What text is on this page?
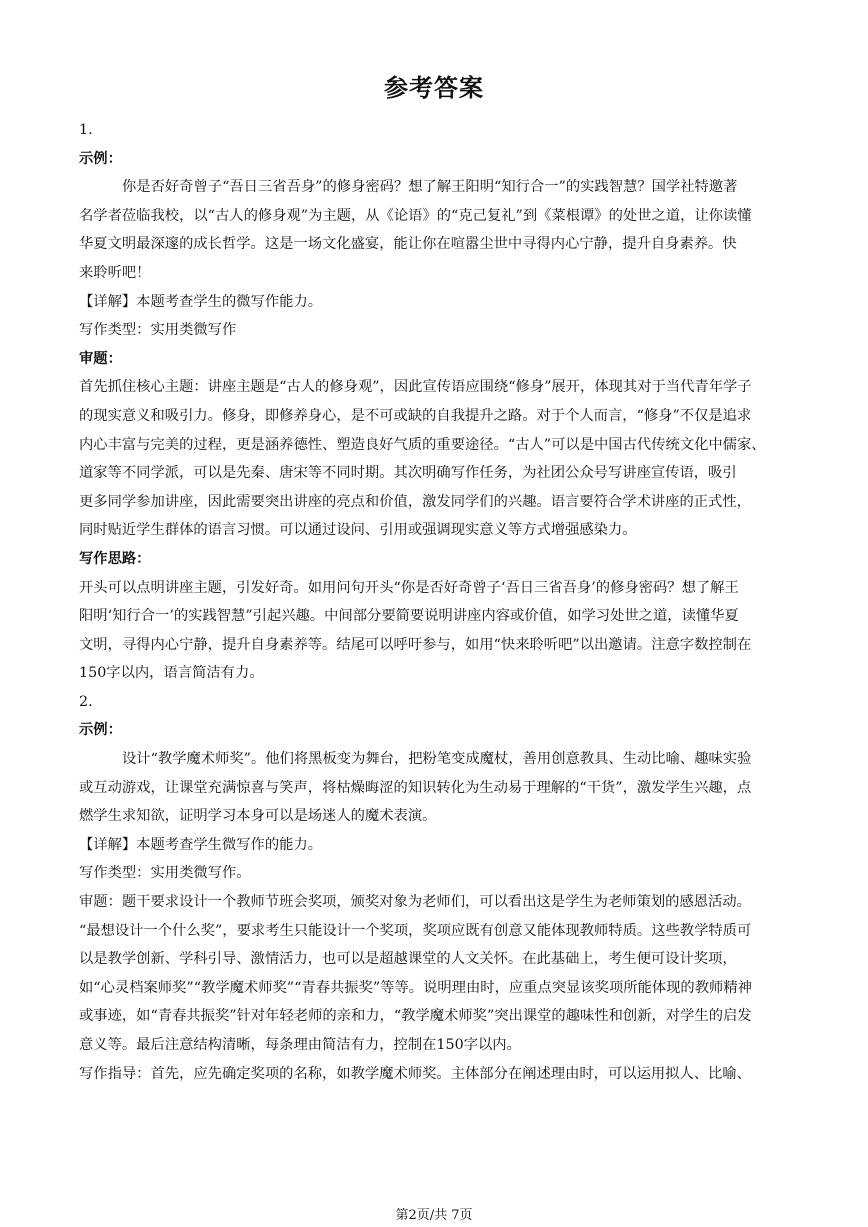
参考答案
1.
示例：
你是否好奇曾子“吾日三省吾身”的修身密码？想了解王阳明“知行合一”的实践智慧？国学社特邀著
名学者莅临我校，以“古人的修身观”为主题，从《论语》的“克己复礼”到《菜根谭》的处世之道，让你读懂
华夏文明最深邃的成长哲学。这是一场文化盛宴，能让你在喧嚣尘世中寻得内心宁静，提升自身素养。快
来聆听吧！
【详解】本题考查学生的微写作能力。
写作类型：实用类微写作
审题：
首先抓住核心主题：讲座主题是“古人的修身观”，因此宣传语应围绕“修身”展开，体现其对于当代青年学子
的现实意义和吸引力。修身，即修养身心，是不可或缺的自我提升之路。对于个人而言，“修身”不仅是追求
内心丰富与完美的过程，更是涵养德性、塑造良好气质的重要途径。“古人”可以是中国古代传统文化中儒家、
道家等不同学派，可以是先秦、唐宋等不同时期。其次明确写作任务，为社团公众号写讲座宣传语，吸引
更多同学参加讲座，因此需要突出讲座的亮点和价值，激发同学们的兴趣。语言要符合学术讲座的正式性，
同时贴近学生群体的语言习惯。可以通过设问、引用或强调现实意义等方式增强感染力。
写作思路：
开头可以点明讲座主题，引发好奇。如用问句开头“你是否好奇曾子‘吾日三省吾身’的修身密码？想了解王
阳明‘知行合一’的实践智慧”引起兴趣。中间部分要简要说明讲座内容或价值，如学习处世之道，读懂华夏
文明，寻得内心宁静，提升自身素养等。结尾可以呼吁参与，如用“快来聆听吧”以出邀请。注意字数控制在
150字以内，语言简洁有力。
2.
示例：
设计“教学魔术师奖”。他们将黑板变为舞台，把粉笔变成魔杖，善用创意教具、生动比喻、趣味实验
或互动游戏，让课堂充满惊喜与笑声，将枯燥晦涩的知识转化为生动易于理解的“干货”，激发学生兴趣，点
燃学生求知欲，证明学习本身可以是场迷人的魔术表演。
【详解】本题考查学生微写作的能力。
写作类型：实用类微写作。
审题：题干要求设计一个教师节班会奖项，颁奖对象为老师们，可以看出这是学生为老师策划的感恩活动。
“最想设计一个什么奖”，要求考生只能设计一个奖项，奖项应既有创意又能体现教师特质。这些教学特质可
以是教学创新、学科引导、激情活力，也可以是超越课堂的人文关怀。在此基础上，考生便可设计奖项，
如“心灵档案师奖”“教学魔术师奖”“青春共振奖”等等。说明理由时，应重点突显该奖项所能体现的教师精神
或事迹，如“青春共振奖”针对年轻老师的亲和力，“教学魔术师奖”突出课堂的趣味性和创新，对学生的启发
意义等。最后注意结构清晰，每条理由简洁有力，控制在150字以内。
写作指导：首先，应先确定奖项的名称，如教学魔术师奖。主体部分在阐述理由时，可以运用拟人、比喻、
第2页/共 7页
